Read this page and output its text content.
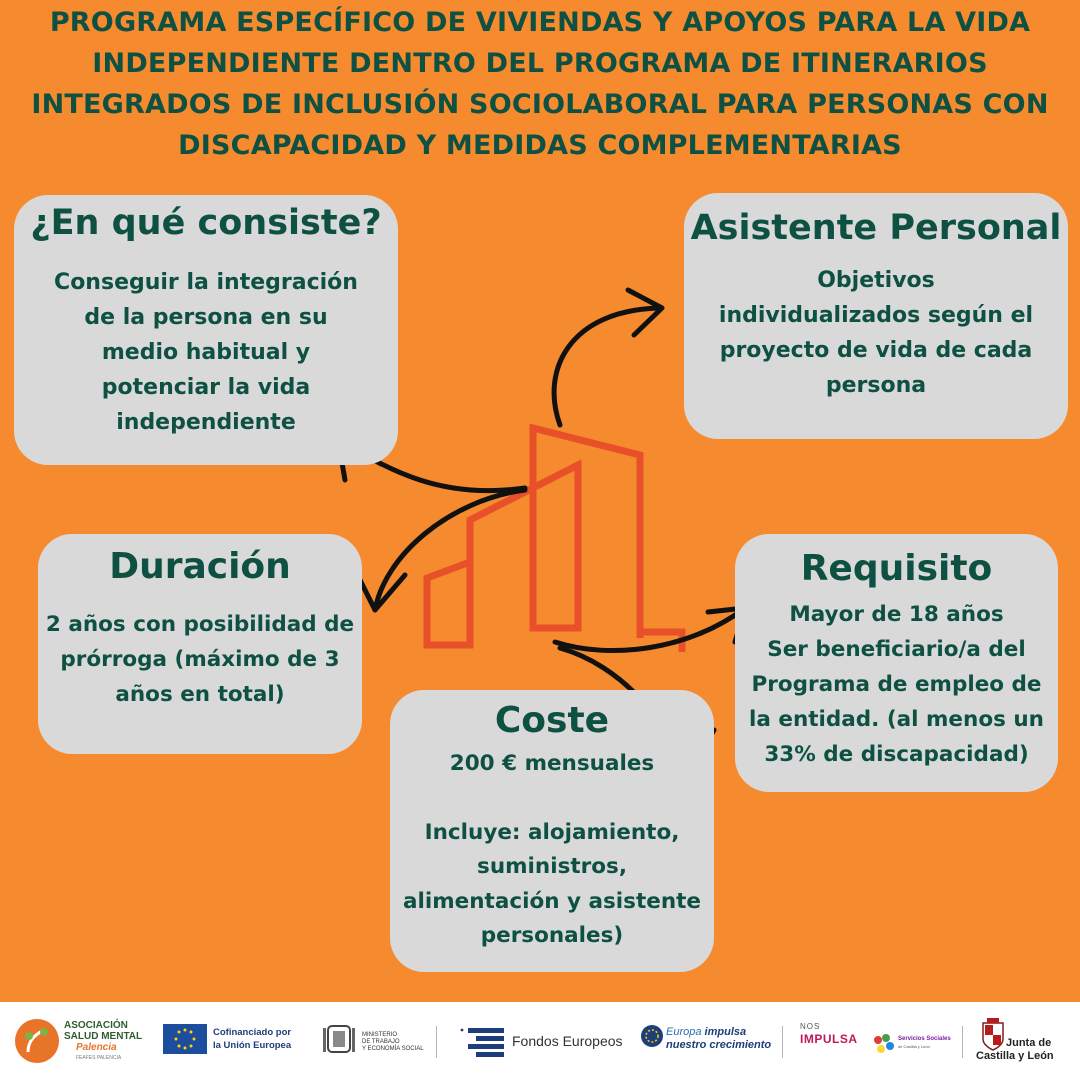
PROGRAMA ESPECÍFICO DE VIVIENDAS Y APOYOS PARA LA VIDA
INDEPENDIENTE DENTRO DEL PROGRAMA DE ITINERARIOS
INTEGRADOS DE INCLUSIÓN SOCIOLABORAL PARA PERSONAS CON
DISCAPACIDAD Y MEDIDAS COMPLEMENTARIAS
¿En qué consiste?
Conseguir la integración
de la persona en su
medio habitual y
potenciar la vida
independiente
Asistente Personal
Objetivos
individualizados según el
proyecto de vida de cada
persona
Duración
2 años con posibilidad de
prórroga (máximo de 3
años en total)
Requisito
Mayor de 18 años
Ser beneficiario/a del
Programa de empleo de
la entidad. (al menos un
33% de discapacidad)
Coste
200 € mensuales
Incluye: alojamiento,
suministros,
alimentación y asistente
personales)
ASOCIACIÓN
SALUD MENTAL
Palencia
FEAFES PALENCIA
Cofinanciado por
la Unión Europea
MINISTERIO
DE TRABAJO
Y ECONOMÍA SOCIAL	Fondos Europeos
Europa impulsa
nuestro crecimiento
NOS
IMPULSA	Servicios Sociales
de Castilla y León	Junta de
Castilla y León
